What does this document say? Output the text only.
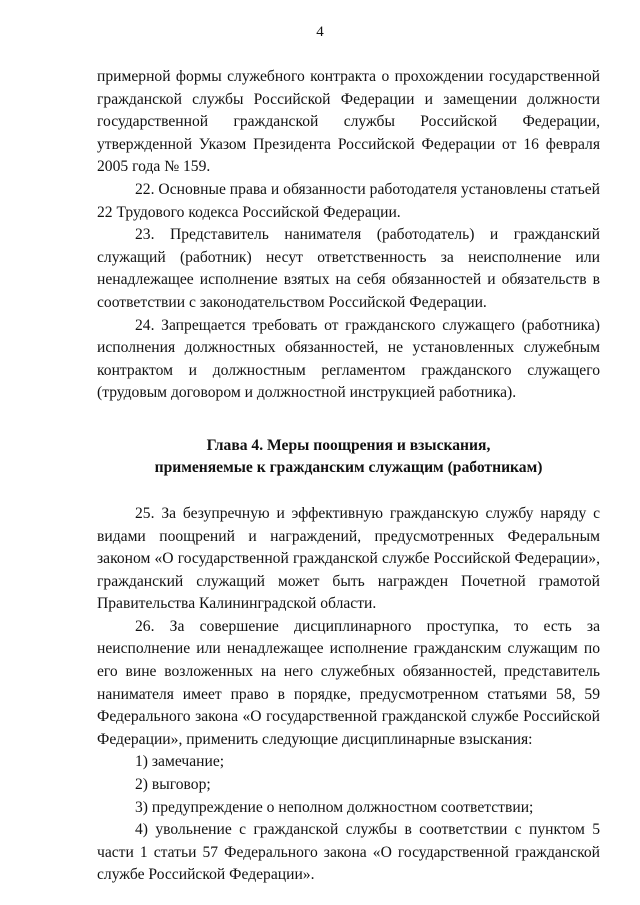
4

примерной формы служебного контракта о прохождении государственной гражданской службы Российской Федерации и замещении должности государственной гражданской службы Российской Федерации, утвержденной Указом Президента Российской Федерации от 16 февраля 2005 года № 159.

22. Основные права и обязанности работодателя установлены статьей 22 Трудового кодекса Российской Федерации.

23. Представитель нанимателя (работодатель) и гражданский служащий (работник) несут ответственность за неисполнение или ненадлежащее исполнение взятых на себя обязанностей и обязательств в соответствии с законодательством Российской Федерации.

24. Запрещается требовать от гражданского служащего (работника) исполнения должностных обязанностей, не установленных служебным контрактом и должностным регламентом гражданского служащего (трудовым договором и должностной инструкцией работника).

Глава 4. Меры поощрения и взыскания,
применяемые к гражданским служащим (работникам)

25. За безупречную и эффективную гражданскую службу наряду с видами поощрений и награждений, предусмотренных Федеральным законом «О государственной гражданской службе Российской Федерации», гражданский служащий может быть награжден Почетной грамотой Правительства Калининградской области.

26. За совершение дисциплинарного проступка, то есть за неисполнение или ненадлежащее исполнение гражданским служащим по его вине возложенных на него служебных обязанностей, представитель нанимателя имеет право в порядке, предусмотренном статьями 58, 59 Федерального закона «О государственной гражданской службе Российской Федерации», применить следующие дисциплинарные взыскания:

1) замечание;

2) выговор;

3) предупреждение о неполном должностном соответствии;

4) увольнение с гражданской службы в соответствии с пунктом 5 части 1 статьи 57 Федерального закона «О государственной гражданской службе Российской Федерации».
